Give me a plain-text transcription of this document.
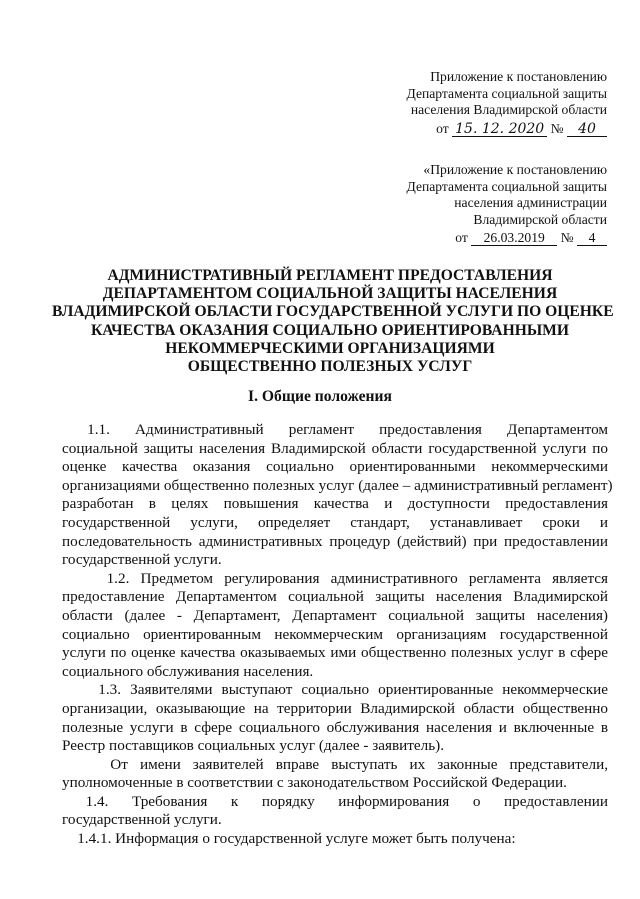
Приложение к постановлению
Департамента социальной защиты
населения Владимирской области
от 15. 12. 2020 № 40
«Приложение к постановлению
Департамента социальной защиты
населения администрации
Владимирской области
от 26.03.2019 № 4
АДМИНИСТРАТИВНЫЙ РЕГЛАМЕНТ ПРЕДОСТАВЛЕНИЯ
ДЕПАРТАМЕНТОМ СОЦИАЛЬНОЙ ЗАЩИТЫ НАСЕЛЕНИЯ
ВЛАДИМИРСКОЙ ОБЛАСТИ ГОСУДАРСТВЕННОЙ УСЛУГИ ПО ОЦЕНКЕ
КАЧЕСТВА ОКАЗАНИЯ СОЦИАЛЬНО ОРИЕНТИРОВАННЫМИ
НЕКОММЕРЧЕСКИМИ ОРГАНИЗАЦИЯМИ
ОБЩЕСТВЕННО ПОЛЕЗНЫХ УСЛУГ
I. Общие положения
1.1.    Административный    регламент    предоставления    Департаментом
социальной защиты населения Владимирской области государственной услуги по
оценке качества оказания социально ориентированными некоммерческими
организациями общественно полезных услуг (далее – административный регламент)
разработан в целях повышения качества и доступности предоставления
государственной услуги, определяет стандарт, устанавливает сроки и
последовательность административных процедур (действий) при предоставлении
государственной услуги.
1.2. Предметом регулирования административного регламента является
предоставление Департаментом социальной защиты населения Владимирской
области (далее - Департамент, Департамент социальной защиты населения)
социально ориентированным некоммерческим организациям государственной
услуги по оценке качества оказываемых ими общественно полезных услуг в сфере
социального обслуживания населения.
1.3. Заявителями выступают социально ориентированные некоммерческие
организации, оказывающие на территории Владимирской области общественно
полезные услуги в сфере социального обслуживания населения и включенные в
Реестр поставщиков социальных услуг (далее - заявитель).
От имени заявителей вправе выступать их законные представители,
уполномоченные в соответствии с законодательством Российской Федерации.
1.4.    Требования    к    порядку    информирования    о    предоставлении
государственной услуги.
1.4.1. Информация о государственной услуге может быть получена:
